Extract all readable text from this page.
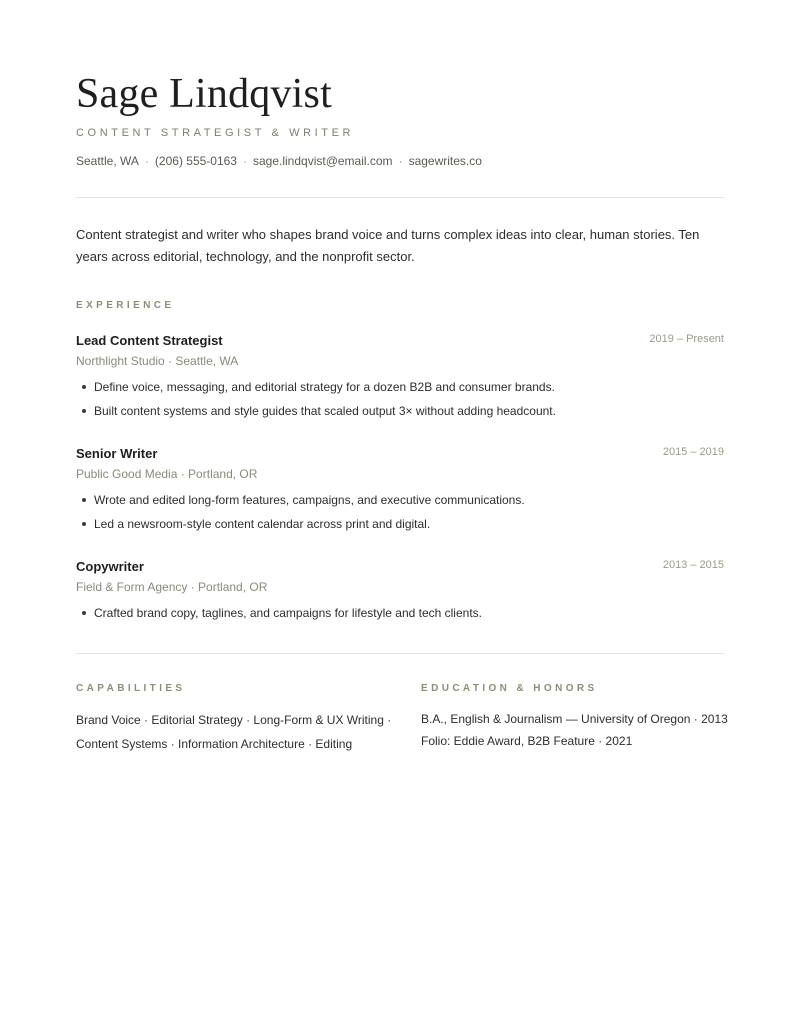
Sage Lindqvist
CONTENT STRATEGIST & WRITER
Seattle, WA · (206) 555-0163 · sage.lindqvist@email.com · sagewrites.co

Content strategist and writer who shapes brand voice and turns complex ideas into clear, human stories. Ten years across editorial, technology, and the nonprofit sector.

EXPERIENCE
Lead Content Strategist	2019 – Present
Northlight Studio · Seattle, WA
Define voice, messaging, and editorial strategy for a dozen B2B and consumer brands.
Built content systems and style guides that scaled output 3× without adding headcount.
Senior Writer	2015 – 2019
Public Good Media · Portland, OR
Wrote and edited long-form features, campaigns, and executive communications.
Led a newsroom-style content calendar across print and digital.
Copywriter	2013 – 2015
Field & Form Agency · Portland, OR
Crafted brand copy, taglines, and campaigns for lifestyle and tech clients.
CAPABILITIES
Brand Voice · Editorial Strategy · Long-Form & UX Writing ·
Content Systems · Information Architecture · Editing
EDUCATION & HONORS
B.A., English & Journalism — University of Oregon · 2013
Folio: Eddie Award, B2B Feature · 2021
